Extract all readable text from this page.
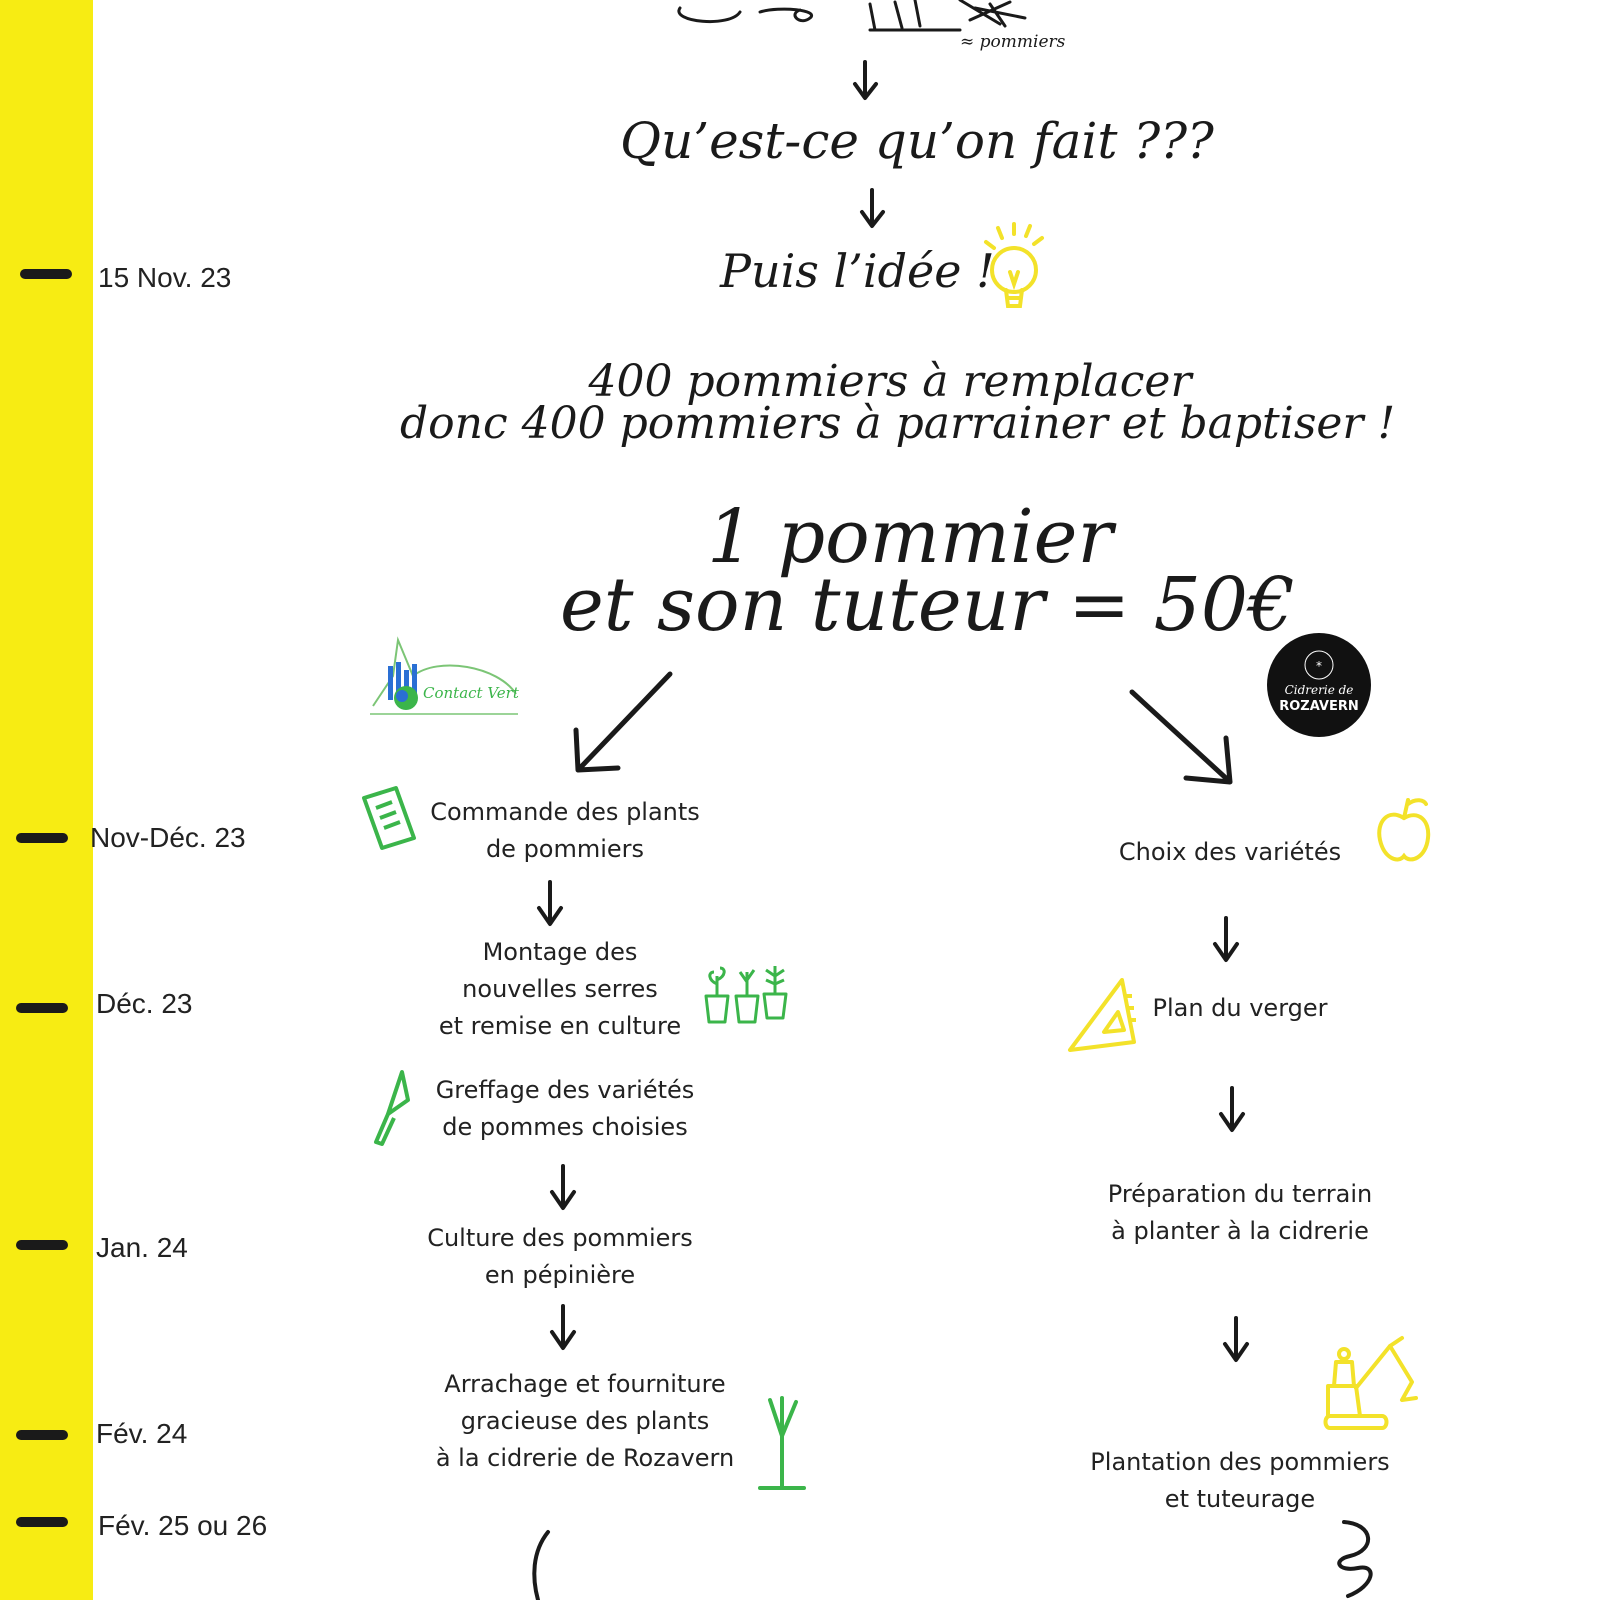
15 Nov. 23
Nov-Déc. 23
Déc. 23
Jan. 24
Fév. 24
Fév. 25 ou 26
≈ pommiers
Qu’est-ce qu’on fait ???
Puis l’idée !
400 pommiers à remplacer
donc 400 pommiers à parrainer et baptiser !
1 pommier
et son tuteur = 50€
Contact Vert
*
Cidrerie de
ROZAVERN
Commande des plants
de pommiers
Montage des
nouvelles serres
et remise en culture
Greffage des variétés
de pommes choisies
Culture des pommiers
en pépinière
Arrachage et fourniture
gracieuse des plants
à la cidrerie de Rozavern
Choix des variétés
Plan du verger
Préparation du terrain
à planter à la cidrerie
Plantation des pommiers
et tuteurage
